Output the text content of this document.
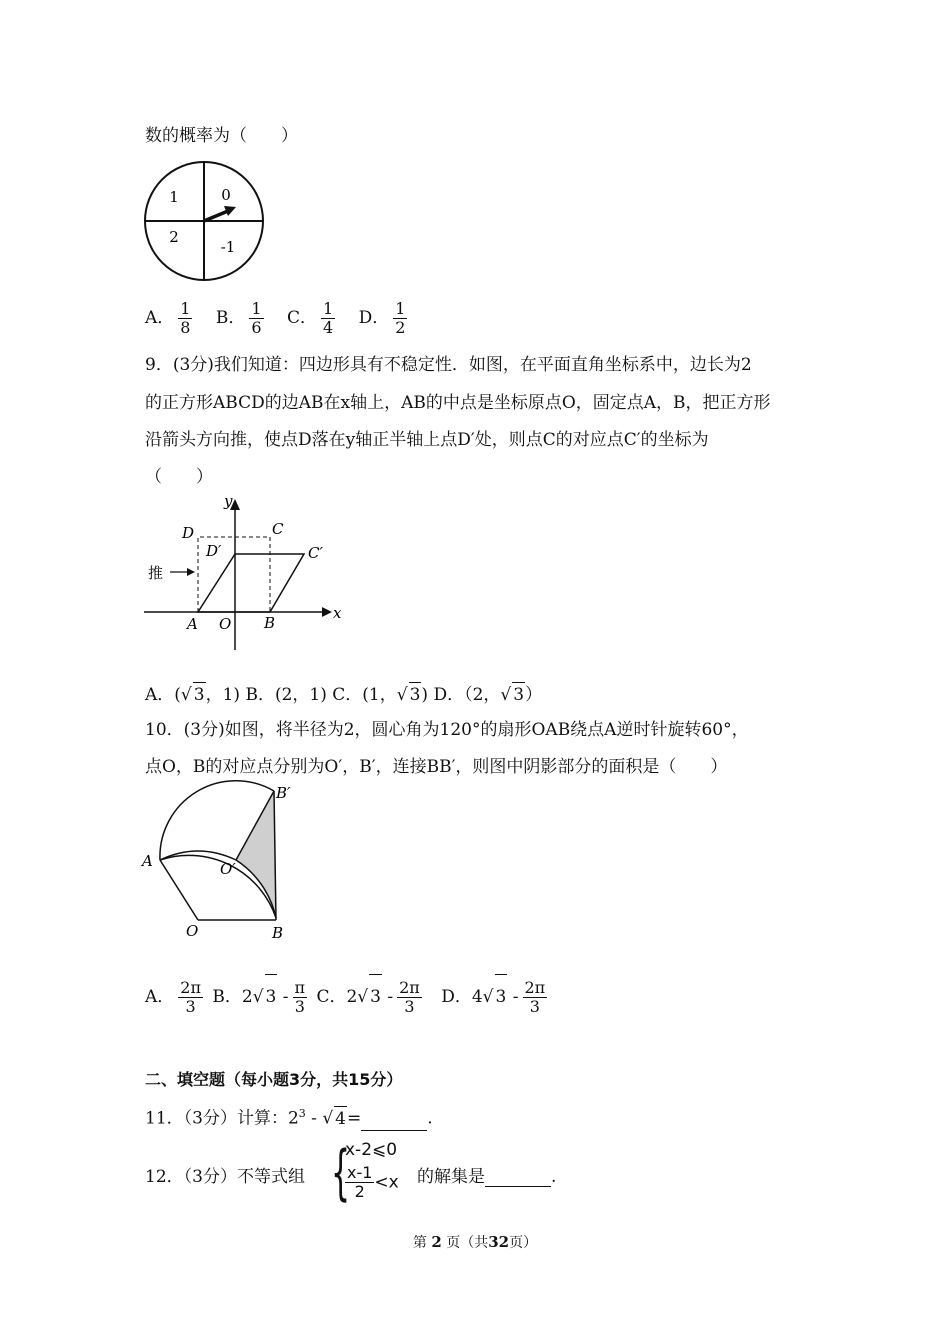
数的概率为（　　）
1	0
2
-1
A． $\frac{1}{8}$ B． $\frac{1}{6}$ C． $\frac{1}{4}$ D． $\frac{1}{2}$
9．(3分)我们知道：四边形具有不稳定性．如图，在平面直角坐标系中，边长为2
的正方形ABCD的边AB在x轴上，AB的中点是坐标原点O，固定点A，B，把正方形
沿箭头方向推，使点D落在y轴正半轴上点D′处，则点C的对应点C′的坐标为
（　　）
y
x
D	C
D′	C′
推
A O B
A．(√ 3，1) B．(2，1) C．(1，√ 3) D．（2，√ 3）
10．(3分)如图，将半径为2，圆心角为120°的扇形OAB绕点A逆时针旋转60°，
点O，B的对应点分别为O′，B′，连接BB′，则图中阴影部分的面积是（　　）
B′
A	O′
O	B
A． $\frac{2\pi}{3}$ B．2√ $3 - \frac{\pi}{3}$ C．2√ $3 - \frac{2\pi}{3}$ D．4√ $3 - \frac{2\pi}{3}$
二、填空题（每小题3分，共15分）
11．（3分）计算：$2^3$ - √ 4=	.
12．（3分）不等式组 {
x-2⩽0
$\frac{x-1}{2} <x$ 的解集是	.
第 2 页（共32页）
